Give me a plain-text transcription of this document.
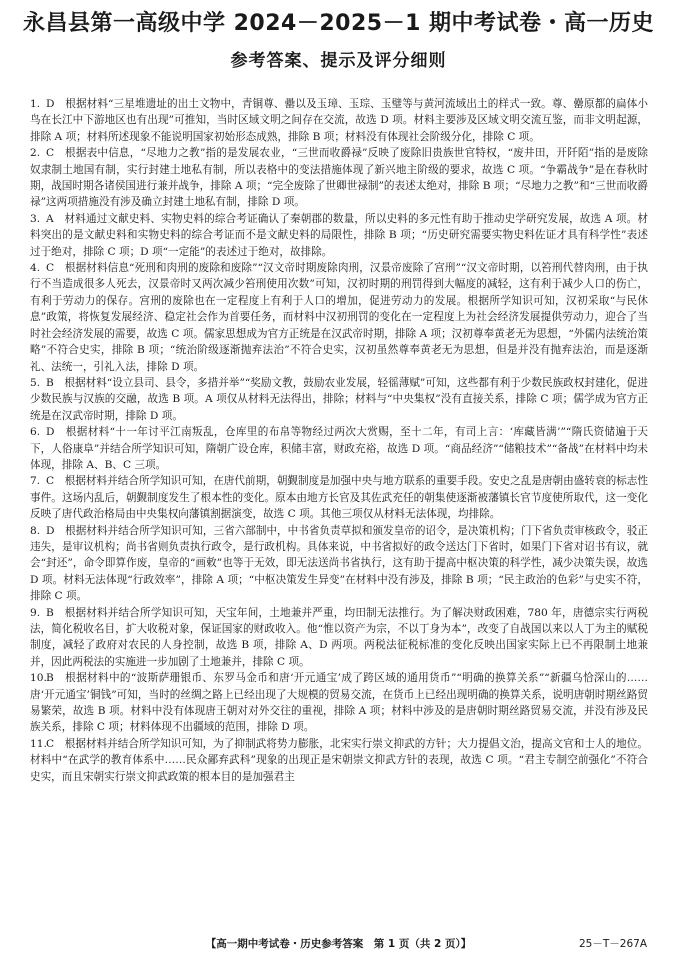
永昌县第一高级中学 2024－2025－1 期中考试卷・高一历史
参考答案、提示及评分细则

1. D　根据材料“三星堆遗址的出土文物中，青铜尊、罍以及玉璋、玉琮、玉璧等与黄河流域出土的样式一致。尊、罍原都的扁体小鸟在长江中下游地区也有出现”可推知，当时区域文明之间存在交流，故选 D 项。材料主要涉及区域文明交流互鉴，而非文明起源，排除 A 项；材料所述现象不能说明国家初始形态成熟，排除 B 项；材料没有体现社会阶级分化，排除 C 项。

2. C　根据表中信息，“尽地力之教”指的是发展农业，“三世而收爵禄”反映了废除旧贵族世官特权，“废井田，开阡陌”指的是废除奴隶制土地国有制，实行封建土地私有制，所以表格中的变法措施体现了新兴地主阶级的要求，故选 C 项。“争霸战争”是在春秋时期，战国时期各诸侯国进行兼并战争，排除 A 项；“完全废除了世卿世禄制”的表述太绝对，排除 B 项；“尽地力之教”和“三世而收爵禄”这两项措施没有涉及确立封建土地私有制，排除 D 项。

3. A　材料通过文献史料、实物史料的综合考证确认了秦朝郡的数量，所以史料的多元性有助于推动史学研究发展，故选 A 项。材料突出的是文献史料和实物史料的综合考证而不是文献史料的局限性，排除 B 项；“历史研究需要实物史料佐证才具有科学性”表述过于绝对，排除 C 项；D 项“一定能”的表述过于绝对，故排除。

4. C　根据材料信息“死刑和肉刑的废除和废除”“汉文帝时期废除肉刑，汉景帝废除了宫刑”“汉文帝时期，以笞刑代替肉刑，由于执行不当造成很多人死去，汉景帝时又两次减少笞刑使用次数”可知，汉初时期的刑罚得到大幅度的减轻，这有利于减少人口的伤亡，有利于劳动力的保存。宫刑的废除也在一定程度上有利于人口的增加，促进劳动力的发展。根据所学知识可知，汉初采取“与民休息”政策，将恢复发展经济、稳定社会作为首要任务，而材料中汉初刑罚的变化在一定程度上为社会经济发展提供劳动力，迎合了当时社会经济发展的需要，故选 C 项。儒家思想成为官方正统是在汉武帝时期，排除 A 项；汉初尊奉黄老无为思想，“外儒内法统治策略”不符合史实，排除 B 项；“统治阶级逐渐抛弃法治”不符合史实，汉初虽然尊奉黄老无为思想，但是并没有抛弃法治，而是逐渐礼、法统一，引礼入法，排除 D 项。

5. B　根据材料“设立县司、县令，多措并举”“奖励文教，鼓励农业发展，轻徭薄赋”可知，这些都有利于少数民族政权封建化，促进少数民族与汉族的交融，故选 B 项。A 项仅从材料无法得出，排除；材料与“中央集权”没有直接关系，排除 C 项；儒学成为官方正统是在汉武帝时期，排除 D 项。

6. D　根据材料“十一年讨平江南叛乱，仓库里的布帛等物经过两次大赏赐，至十二年，有司上言：‘库藏皆满’”“隋氏资储遍于天下，人俗康阜”并结合所学知识可知，隋朝广设仓库，积储丰富，财政充裕，故选 D 项。“商品经济”“储粮技术”“备战”在材料中均未体现，排除 A、B、C 三项。

7. C　根据材料并结合所学知识可知，在唐代前期，朝觐制度是加强中央与地方联系的重要手段。安史之乱是唐朝由盛转衰的标志性事件。这场内乱后，朝觐制度发生了根本性的变化。原本由地方长官及其佐武充任的朝集使逐渐被藩镇长官节度使所取代，这一变化反映了唐代政治格局由中央集权向藩镇割据演变，故选 C 项。其他三项仅从材料无法体现，均排除。

8. D　根据材料并结合所学知识可知，三省六部制中，中书省负责草拟和颁发皇帝的诏令，是决策机构；门下省负责审核政令，驳正违失，是审议机构；尚书省则负责执行政令，是行政机构。具体来说，中书省拟好的政令送达门下省时，如果门下省对诏书有议，就会“封还”，命令即算作废，皇帝的“画敕”也等于无效，即无法送尚书省执行，这有助于提高中枢决策的科学性，减少决策失误，故选 D 项。材料无法体现“行政效率”，排除 A 项；“中枢决策发生异变”在材料中没有涉及，排除 B 项；“民主政治的色彩”与史实不符，排除 C 项。

9. B　根据材料并结合所学知识可知，天宝年间，土地兼并严重，均田制无法推行。为了解决财政困难，780 年，唐德宗实行两税法，简化税收名目，扩大收税对象，保证国家的财政收入。他“惟以资产为宗，不以丁身为本”，改变了自战国以来以人丁为主的赋税制度，减轻了政府对农民的人身控制，故选 B 项，排除 A、D 两项。两税法征税标准的变化反映出国家实际上已不再限制土地兼并，因此两税法的实施进一步加剧了土地兼并，排除 C 项。

10.B　根据材料中的“波斯萨珊银币、东罗马金币和唐‘开元通宝’成了跨区域的通用货币”“明确的换算关系”“新疆乌恰深山的……唐‘开元通宝’铜钱”可知，当时的丝绸之路上已经出现了大规模的贸易交流，在货币上已经出现明确的换算关系，说明唐朝时期丝路贸易繁荣，故选 B 项。材料中没有体现唐王朝对对外交往的重视，排除 A 项；材料中涉及的是唐朝时期丝路贸易交流，并没有涉及民族关系，排除 C 项；材料体现不出疆域的范围，排除 D 项。

11.C　根据材料并结合所学知识可知，为了抑制武将势力膨胀，北宋实行崇文抑武的方针；大力提倡文治，提高文官和士人的地位。材料中“在武学的教育体系中……民众鄙弃武科”现象的出现正是宋朝崇文抑武方针的表现，故选 C 项。“君主专制空前强化”不符合史实，而且宋朝实行崇文抑武政策的根本目的是加强君主

【高一期中考试卷・历史参考答案　第 1 页（共 2 页）】	25－T－267A
